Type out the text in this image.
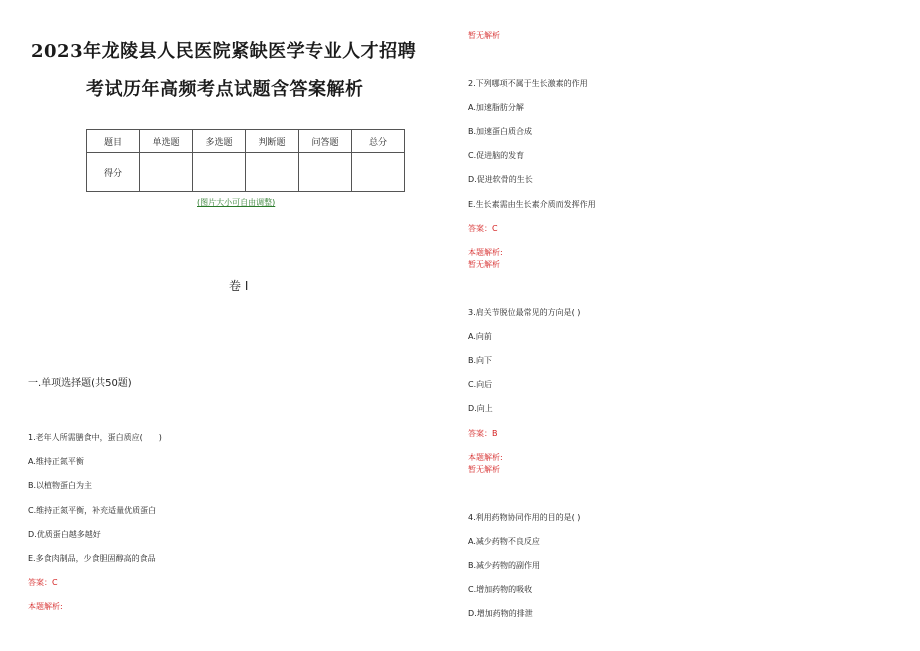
2023年龙陵县人民医院紧缺医学专业人才招聘
考试历年高频考点试题含答案解析
题目	单选题	多选题	判断题	问答题	总分
得分					
(图片大小可自由调整)
卷 I
一.单项选择题(共50题)
1.老年人所需膳食中，蛋白质应(　　)
A.维持正氮平衡
B.以植物蛋白为主
C.维持正氮平衡，补充适量优质蛋白
D.优质蛋白越多越好
E.多食肉制品，少食胆固醇高的食品
答案：C
本题解析:
暂无解析
2.下列哪项不属于生长激素的作用
A.加速脂肪分解
B.加速蛋白质合成
C.促进脑的发育
D.促进软骨的生长
E.生长素需由生长素介质而发挥作用
答案：C
本题解析:
暂无解析
3.肩关节脱位最常见的方向是( )
A.向前
B.向下
C.向后
D.向上
答案：B
本题解析:
暂无解析
4.利用药物协同作用的目的是( )
A.减少药物不良反应
B.减少药物的副作用
C.增加药物的吸收
D.增加药物的排泄
